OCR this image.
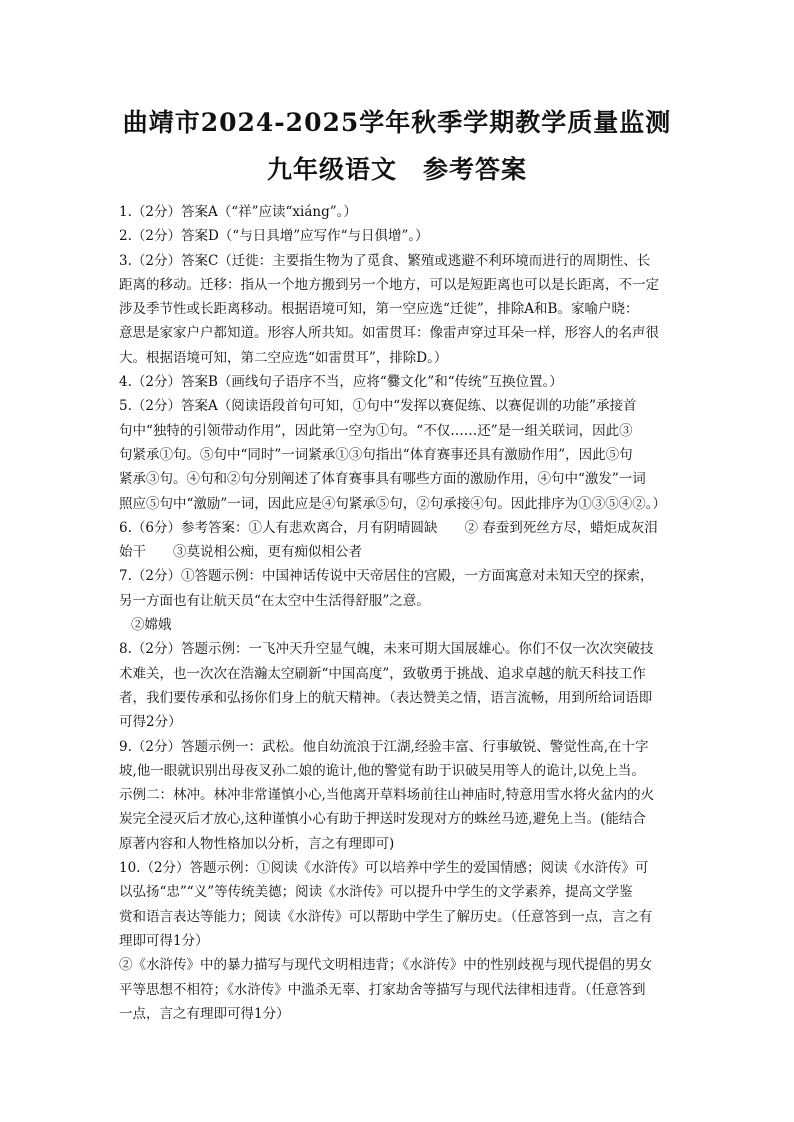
曲靖市2024-2025学年秋季学期教学质量监测
九年级语文　参考答案
1.（2分）答案A（“祥”应读“xiáng”。）
2.（2分）答案D（“与日具增”应写作“与日俱增”。）
3.（2分）答案C（迁徙：主要指生物为了觅食、繁殖或逃避不利环境而进行的周期性、长
距离的移动。迁移：指从一个地方搬到另一个地方，可以是短距离也可以是长距离，不一定
涉及季节性或长距离移动。根据语境可知，第一空应选“迁徙”，排除A和B。家喻户晓：
意思是家家户户都知道。形容人所共知。如雷贯耳：像雷声穿过耳朵一样，形容人的名声很
大。根据语境可知，第二空应选“如雷贯耳”，排除D。）
4.（2分）答案B（画线句子语序不当，应将“爨文化”和“传统”互换位置。）
5.（2分）答案A（阅读语段首句可知，①句中“发挥以赛促练、以赛促训的功能”承接首
句中“独特的引领带动作用”，因此第一空为①句。“不仅……还”是一组关联词，因此③
句紧承①句。⑤句中“同时”一词紧承①③句指出“体育赛事还具有激励作用”，因此⑤句
紧承③句。④句和②句分别阐述了体育赛事具有哪些方面的激励作用，④句中“激发”一词
照应⑤句中“激励”一词，因此应是④句紧承⑤句，②句承接④句。因此排序为①③⑤④②。）
6.（6分）参考答案：①人有悲欢离合，月有阴晴圆缺　　② 春蚕到死丝方尽，蜡炬成灰泪
始干　　③莫说相公痴，更有痴似相公者
7.（2分）①答题示例：中国神话传说中天帝居住的宫殿，一方面寓意对未知天空的探索，
另一方面也有让航天员“在太空中生活得舒服”之意。
②嫦娥
8.（2分）答题示例：一飞冲天升空显气魄，未来可期大国展雄心。你们不仅一次次突破技
术难关，也一次次在浩瀚太空刷新“中国高度”，致敬勇于挑战、追求卓越的航天科技工作
者，我们要传承和弘扬你们身上的航天精神。（表达赞美之情，语言流畅，用到所给词语即
可得2分）
9.（2分）答题示例一：武松。他自幼流浪于江湖,经验丰富、行事敏锐、警觉性高,在十字
坡,他一眼就识别出母夜叉孙二娘的诡计,他的警觉有助于识破吴用等人的诡计,以免上当。
示例二：林冲。林冲非常谨慎小心,当他离开草料场前往山神庙时,特意用雪水将火盆内的火
炭完全浸灭后才放心,这种谨慎小心有助于押送时发现对方的蛛丝马迹,避免上当。(能结合
原著内容和人物性格加以分析，言之有理即可)
10.（2分）答题示例：①阅读《水浒传》可以培养中学生的爱国情感；阅读《水浒传》可
以弘扬“忠”“义”等传统美德；阅读《水浒传》可以提升中学生的文学素养，提高文学鉴
赏和语言表达等能力；阅读《水浒传》可以帮助中学生了解历史。（任意答到一点，言之有
理即可得1分）
②《水浒传》中的暴力描写与现代文明相违背；《水浒传》中的性别歧视与现代提倡的男女
平等思想不相符；《水浒传》中滥杀无辜、打家劫舍等描写与现代法律相违背。（任意答到
一点，言之有理即可得1分）
